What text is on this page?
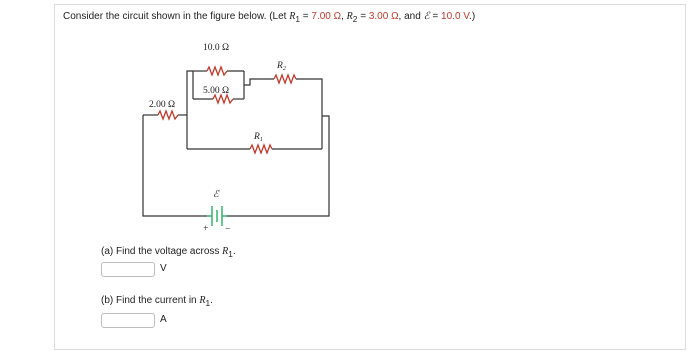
Consider the circuit shown in the figure below. (Let $R_1 = 7.00$ Ω, $R_2 = 3.00$ Ω, and ℰ = 10.0 V.)
10.0 Ω
5.00 Ω
2.00 Ω
$R_2$
$R_1$
ℰ
+ −
(a) Find the voltage across $R_1$.
V
(b) Find the current in $R_1$.
A
